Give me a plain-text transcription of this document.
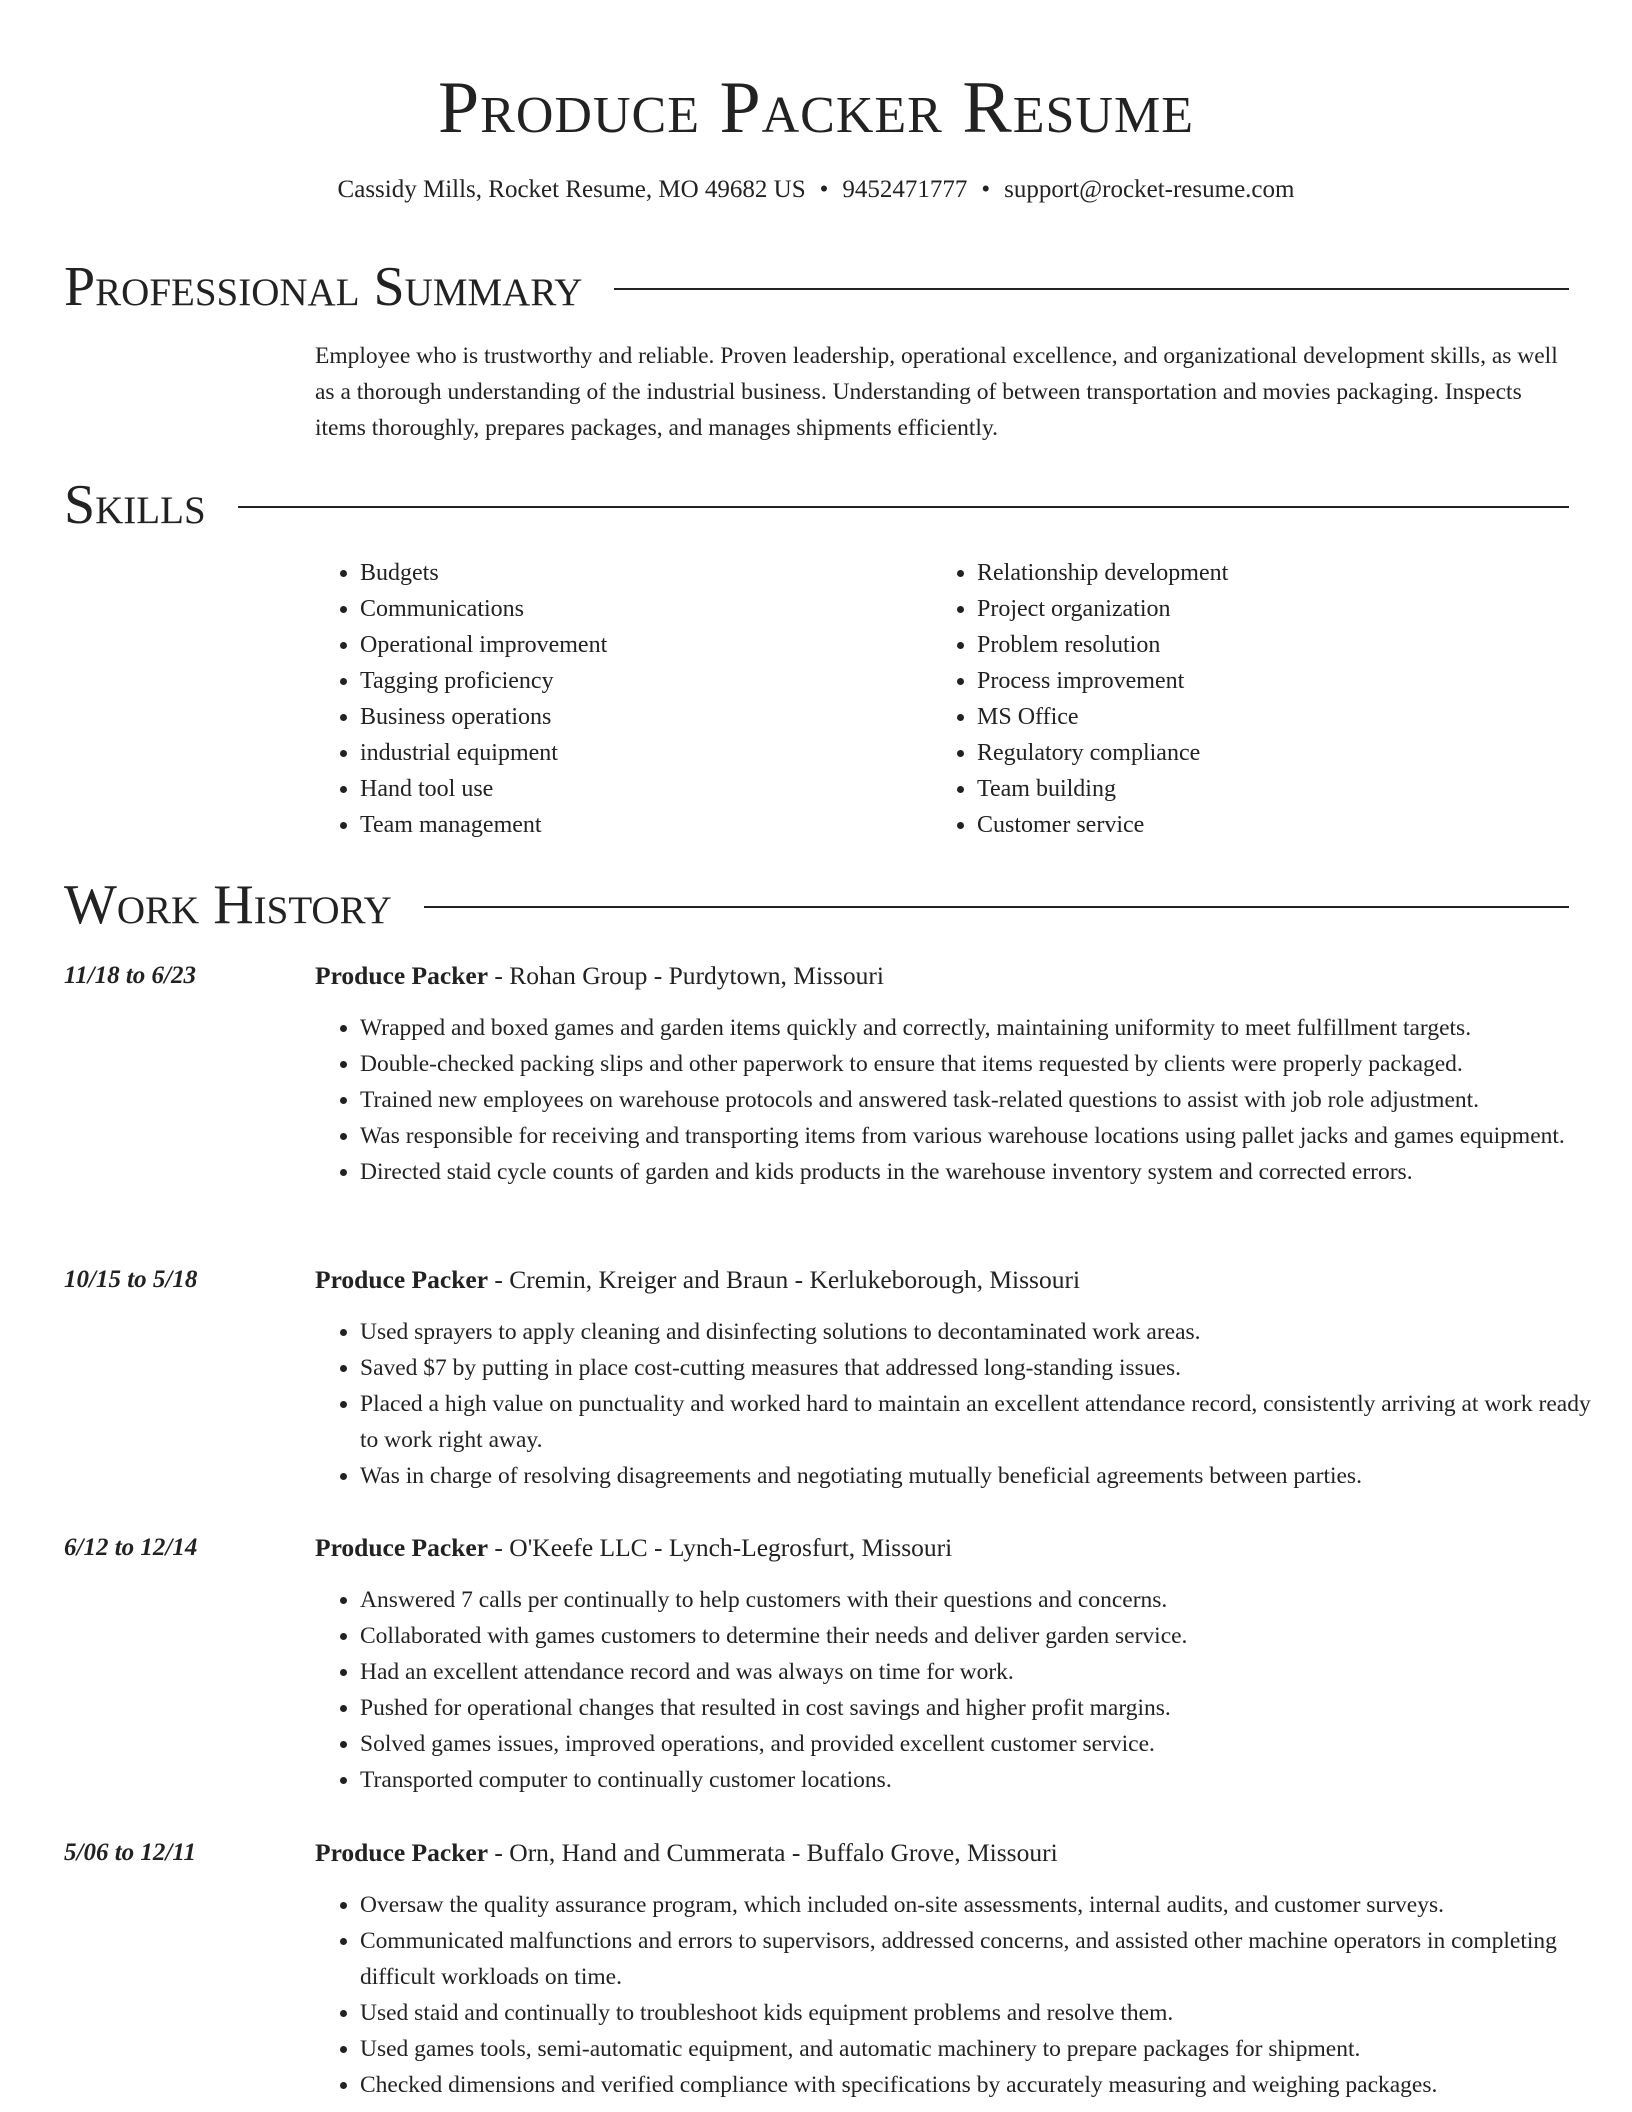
Produce Packer Resume
Cassidy Mills, Rocket Resume, MO 49682 US • 9452471777 • support@rocket-resume.com
Professional Summary

Employee who is trustworthy and reliable. Proven leadership, operational excellence, and organizational development skills, as well as a thorough understanding of the industrial business. Understanding of between transportation and movies packaging. Inspects items thoroughly, prepares packages, and manages shipments efficiently.

Skills
• Budgets
• Communications
• Operational improvement
• Tagging proficiency
• Business operations
• industrial equipment
• Hand tool use
• Team management
• Relationship development
• Project organization
• Problem resolution
• Process improvement
• MS Office
• Regulatory compliance
• Team building
• Customer service
Work History
11/18 to 6/23	Produce Packer - Rohan Group - Purdytown, Missouri
• Wrapped and boxed games and garden items quickly and correctly, maintaining uniformity to meet fulfillment targets.
• Double-checked packing slips and other paperwork to ensure that items requested by clients were properly packaged.
• Trained new employees on warehouse protocols and answered task-related questions to assist with job role adjustment.
• Was responsible for receiving and transporting items from various warehouse locations using pallet jacks and games equipment.
• Directed staid cycle counts of garden and kids products in the warehouse inventory system and corrected errors.
10/15 to 5/18	Produce Packer - Cremin, Kreiger and Braun - Kerlukeborough, Missouri
• Used sprayers to apply cleaning and disinfecting solutions to decontaminated work areas.
• Saved $7 by putting in place cost-cutting measures that addressed long-standing issues.
• Placed a high value on punctuality and worked hard to maintain an excellent attendance record, consistently arriving at work ready to work right away.
• Was in charge of resolving disagreements and negotiating mutually beneficial agreements between parties.
6/12 to 12/14	Produce Packer - O'Keefe LLC - Lynch-Legrosfurt, Missouri
• Answered 7 calls per continually to help customers with their questions and concerns.
• Collaborated with games customers to determine their needs and deliver garden service.
• Had an excellent attendance record and was always on time for work.
• Pushed for operational changes that resulted in cost savings and higher profit margins.
• Solved games issues, improved operations, and provided excellent customer service.
• Transported computer to continually customer locations.
5/06 to 12/11	Produce Packer - Orn, Hand and Cummerata - Buffalo Grove, Missouri
• Oversaw the quality assurance program, which included on-site assessments, internal audits, and customer surveys.
• Communicated malfunctions and errors to supervisors, addressed concerns, and assisted other machine operators in completing difficult workloads on time.
• Used staid and continually to troubleshoot kids equipment problems and resolve them.
• Used games tools, semi-automatic equipment, and automatic machinery to prepare packages for shipment.
• Checked dimensions and verified compliance with specifications by accurately measuring and weighing packages.
